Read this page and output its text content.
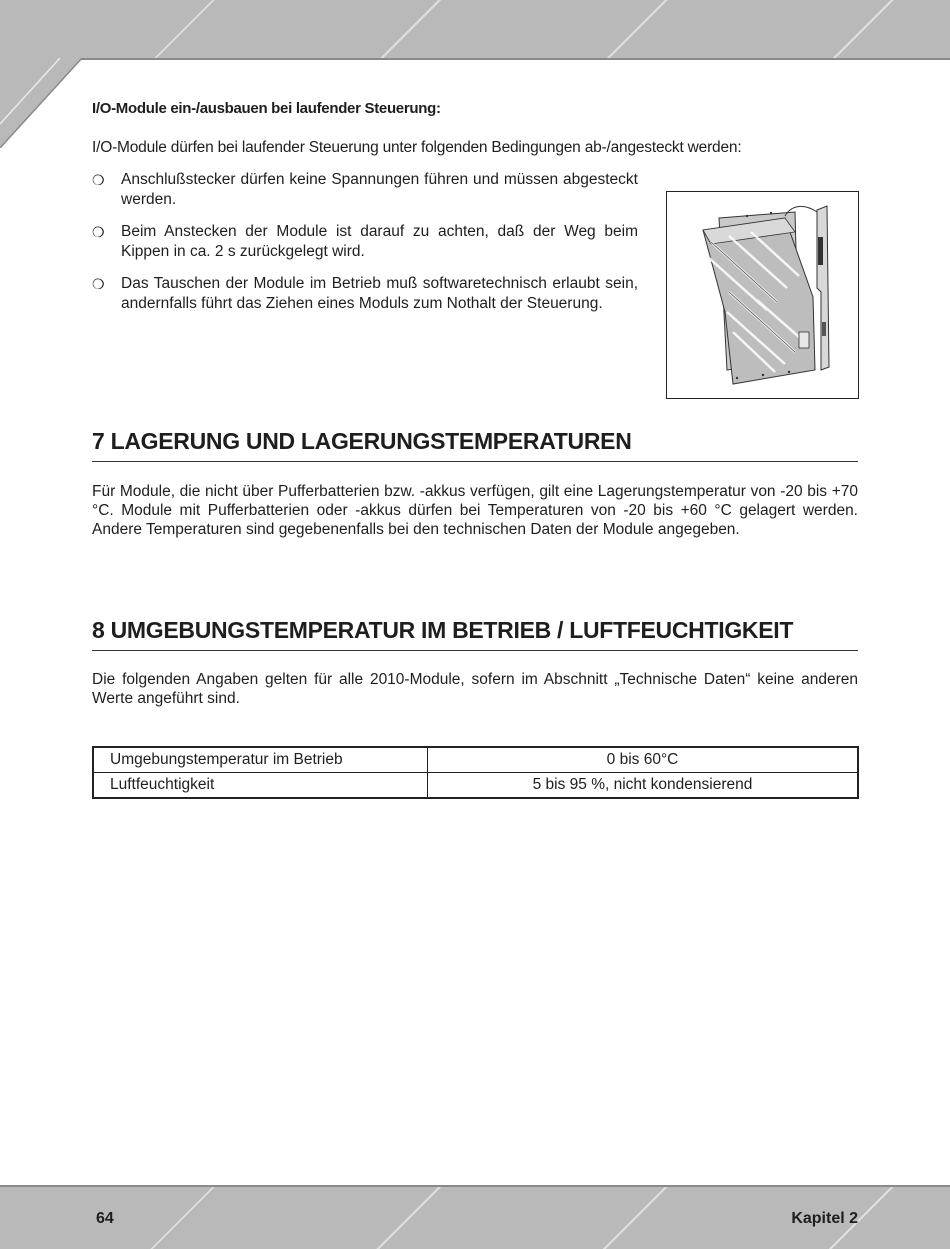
I/O-Module ein-/ausbauen bei laufender Steuerung:
I/O-Module dürfen bei laufender Steuerung unter folgenden Bedingungen ab-/angesteckt werden:
❍	Anschlußstecker dürfen keine Spannungen führen und müssen abgesteckt werden.
❍	Beim Anstecken der Module ist darauf zu achten, daß der Weg beim Kippen in ca. 2 s zurückgelegt wird.
❍	Das Tauschen der Module im Betrieb muß softwaretechnisch erlaubt sein, andernfalls führt das Ziehen eines Moduls zum Nothalt der Steuerung.
7 LAGERUNG UND LAGERUNGSTEMPERATUREN
Für Module, die nicht über Pufferbatterien bzw. -akkus verfügen, gilt eine Lagerungstemperatur von -20 bis +70 °C. Module mit Pufferbatterien oder -akkus dürfen bei Temperaturen von -20 bis +60 °C gelagert werden. Andere Temperaturen sind gegebenenfalls bei den technischen Daten der Module angegeben.
8 UMGEBUNGSTEMPERATUR IM BETRIEB / LUFTFEUCHTIGKEIT
Die folgenden Angaben gelten für alle 2010-Module, sofern im Abschnitt „Technische Daten“ keine anderen Werte angeführt sind.
Umgebungstemperatur im Betrieb	0 bis 60°C
Luftfeuchtigkeit	5 bis 95 %, nicht kondensierend
64	Kapitel 2
